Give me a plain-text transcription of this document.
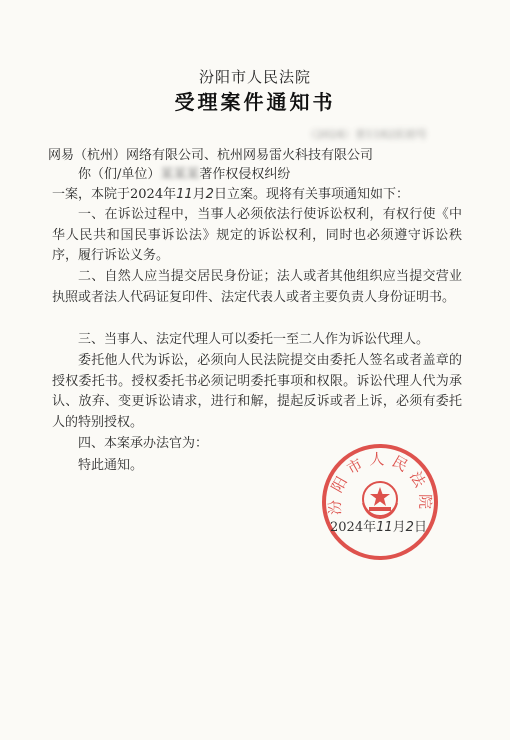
汾阳市人民法院
受理案件通知书
（2024）晋1182民初号
网易（杭州）网络有限公司、杭州网易雷火科技有限公司
你（们/单位）某某某著作权侵权纠纷
一案，本院于2024年11月2日立案。现将有关事项通知如下：
一、在诉讼过程中，当事人必须依法行使诉讼权利，有权行使《中华人民共和国民事诉讼法》规定的诉讼权利，同时也必须遵守诉讼秩序，履行诉讼义务。
二、自然人应当提交居民身份证；法人或者其他组织应当提交营业执照或者法人代码证复印件、法定代表人或者主要负责人身份证明书。
三、当事人、法定代理人可以委托一至二人作为诉讼代理人。
委托他人代为诉讼，必须向人民法院提交由委托人签名或者盖章的授权委托书。授权委托书必须记明委托事项和权限。诉讼代理人代为承认、放弃、变更诉讼请求，进行和解，提起反诉或者上诉，必须有委托人的特别授权。
四、本案承办法官为：
特此通知。
汾阳市人民法院
2024年11月2日
